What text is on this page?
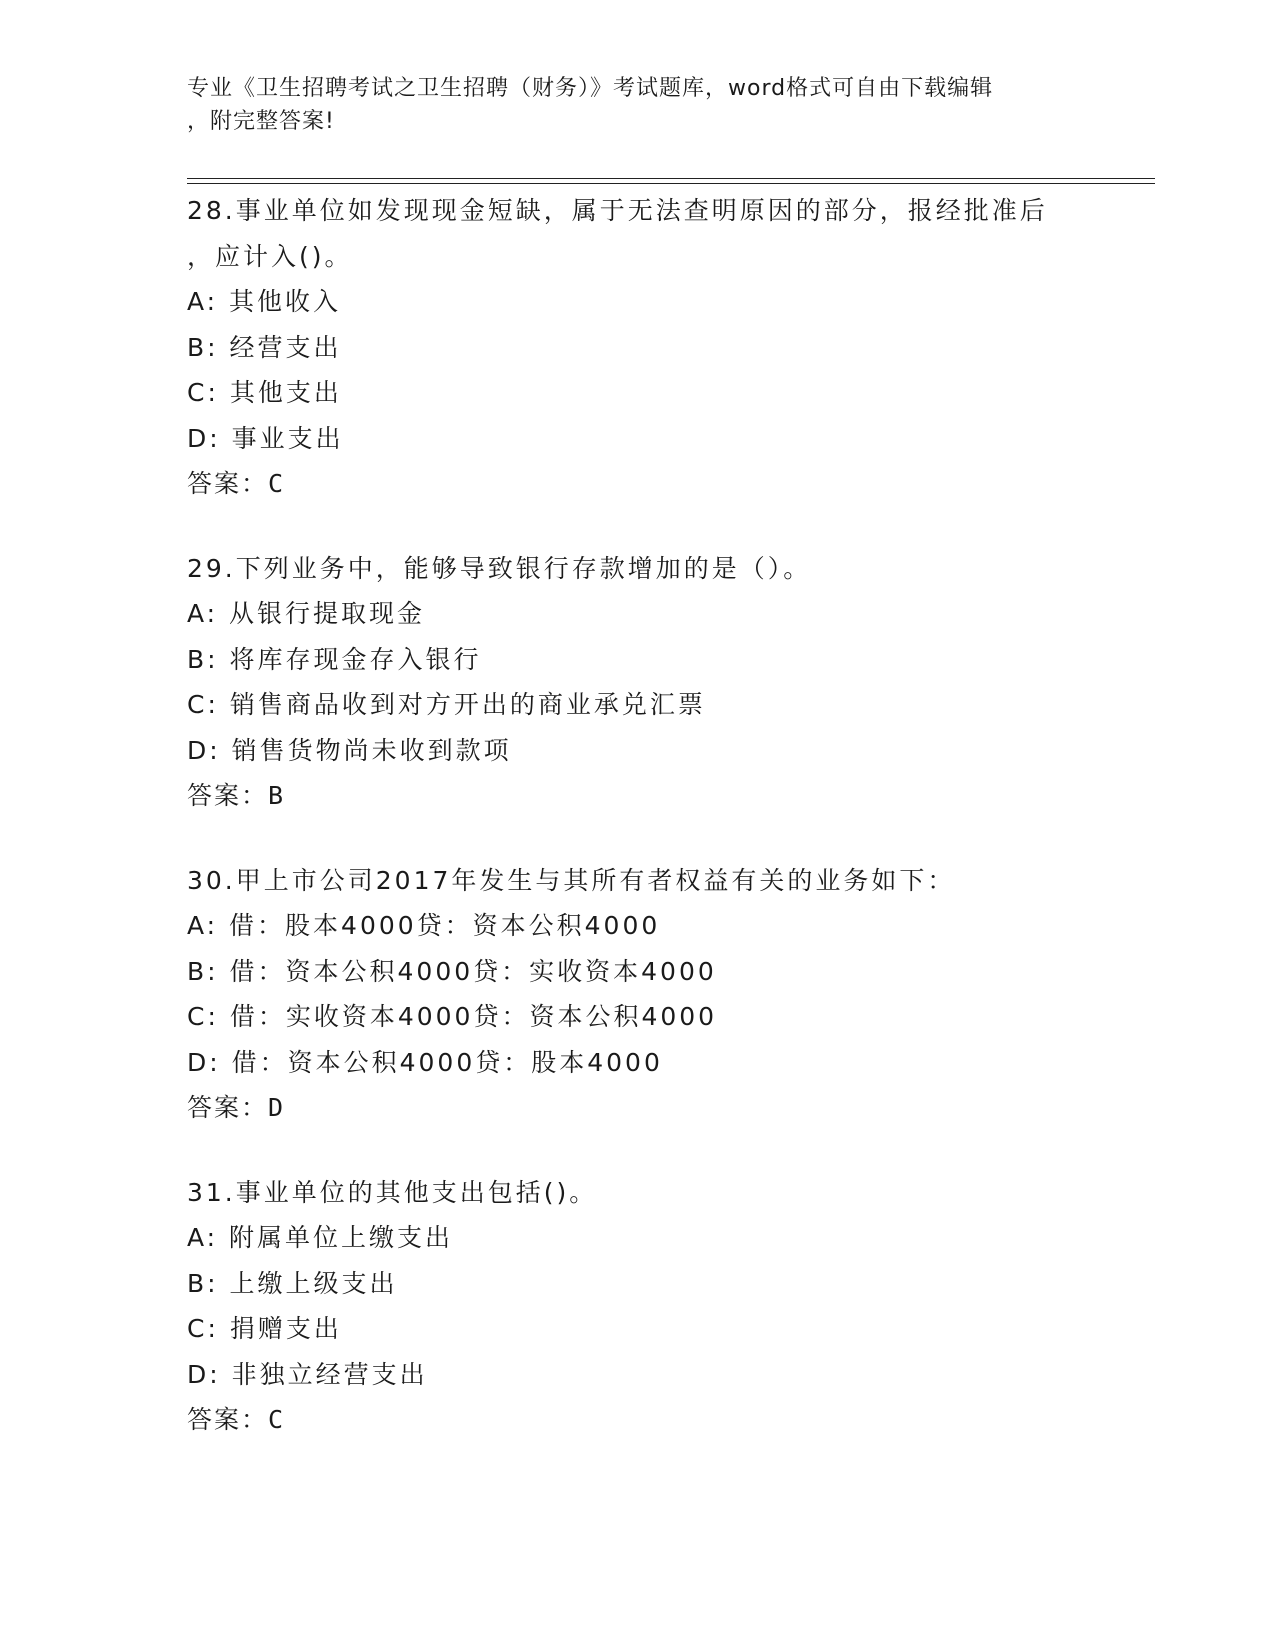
专业《卫生招聘考试之卫生招聘（财务）》考试题库，word格式可自由下载编辑
，附完整答案!
28.事业单位如发现现金短缺，属于无法查明原因的部分，报经批准后
，应计入()。
A: 其他收入
B: 经营支出
C: 其他支出
D: 事业支出
答案：C
29.下列业务中，能够导致银行存款增加的是（）。
A: 从银行提取现金
B: 将库存现金存入银行
C: 销售商品收到对方开出的商业承兑汇票
D: 销售货物尚未收到款项
答案：B
30.甲上市公司2017年发生与其所有者权益有关的业务如下：
A: 借：股本4000贷：资本公积4000
B: 借：资本公积4000贷：实收资本4000
C: 借：实收资本4000贷：资本公积4000
D: 借：资本公积4000贷：股本4000
答案：D
31.事业单位的其他支出包括()。
A: 附属单位上缴支出
B: 上缴上级支出
C: 捐赠支出
D: 非独立经营支出
答案：C
